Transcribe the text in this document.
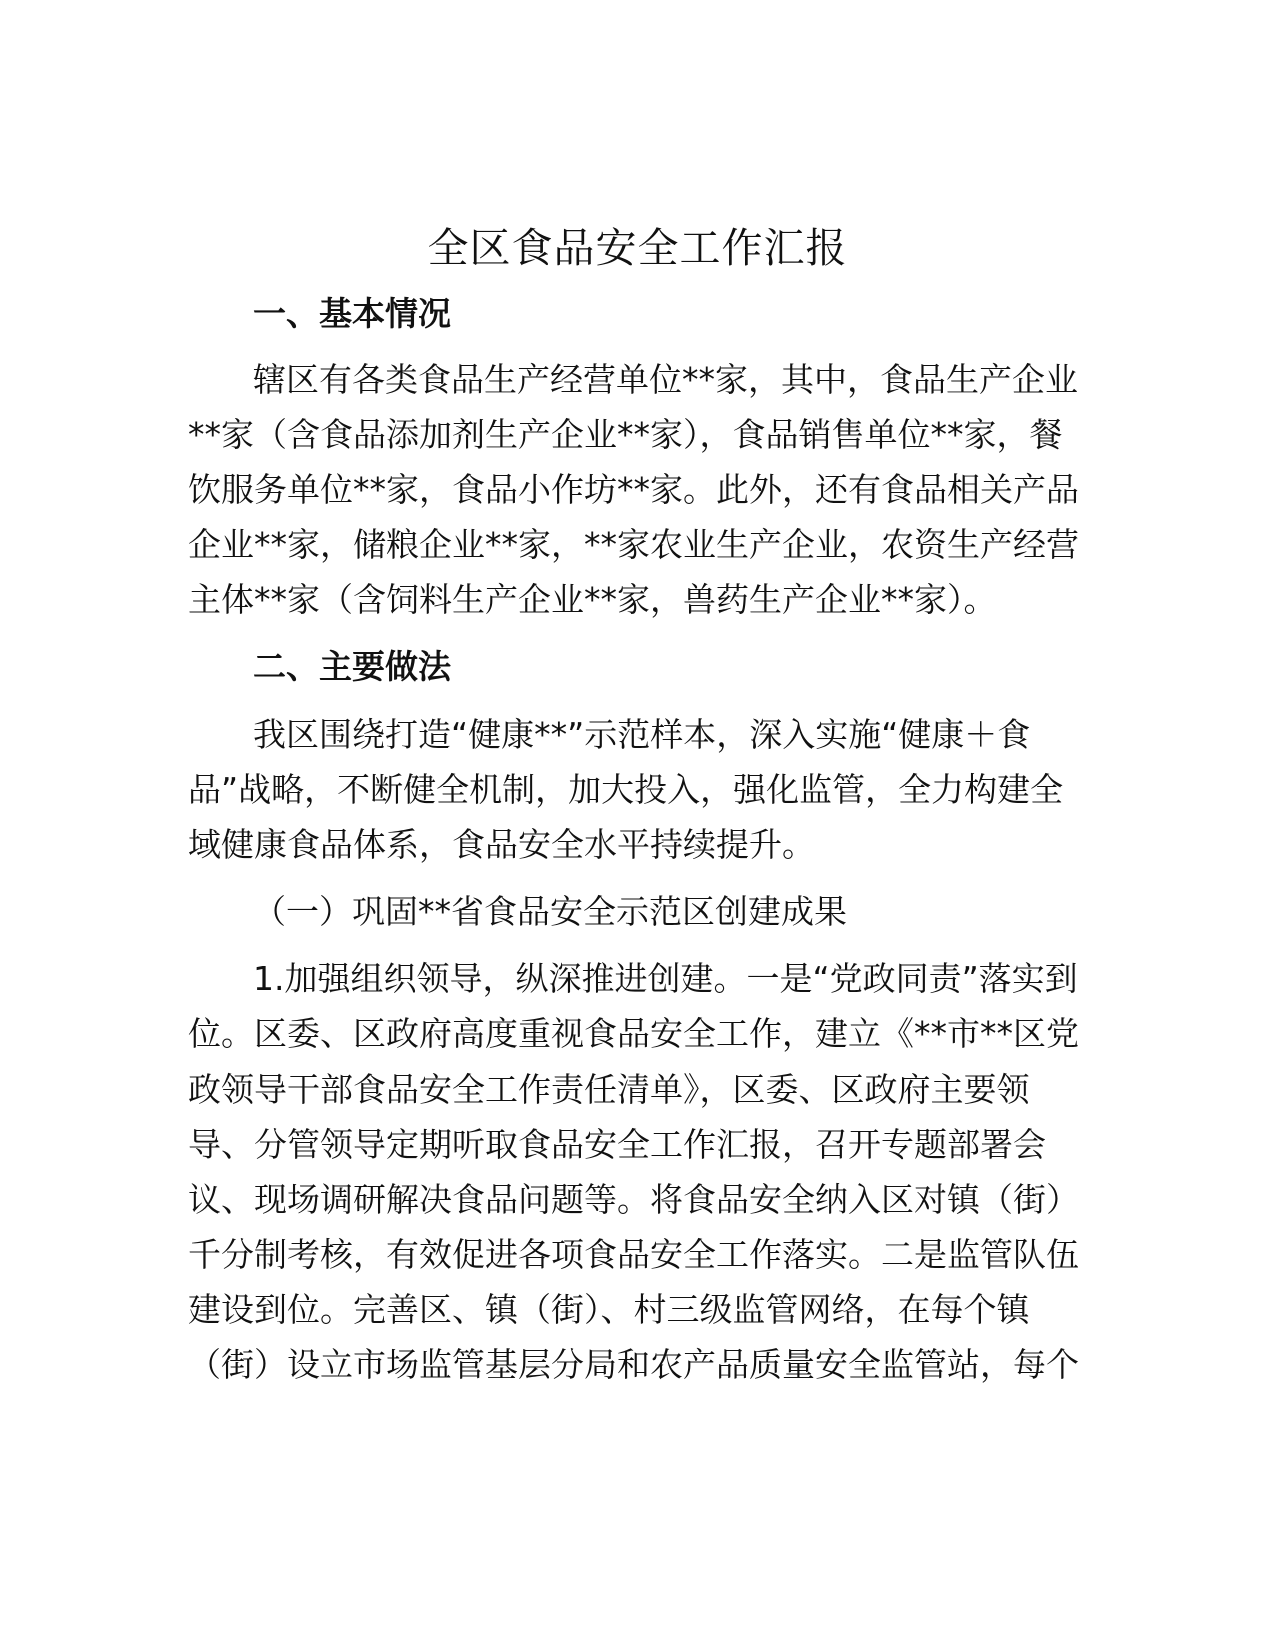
全区食品安全工作汇报
一、基本情况
辖区有各类食品生产经营单位**家，其中，食品生产企业
**家（含食品添加剂生产企业**家），食品销售单位**家，餐
饮服务单位**家，食品小作坊**家。此外，还有食品相关产品
企业**家，储粮企业**家，**家农业生产企业，农资生产经营
主体**家（含饲料生产企业**家，兽药生产企业**家）。
二、主要做法
我区围绕打造“健康**”示范样本，深入实施“健康＋食
品”战略，不断健全机制，加大投入，强化监管，全力构建全
域健康食品体系，食品安全水平持续提升。
（一）巩固**省食品安全示范区创建成果
1.加强组织领导，纵深推进创建。一是“党政同责”落实到
位。区委、区政府高度重视食品安全工作，建立《**市**区党
政领导干部食品安全工作责任清单》，区委、区政府主要领
导、分管领导定期听取食品安全工作汇报，召开专题部署会
议、现场调研解决食品问题等。将食品安全纳入区对镇（街）
千分制考核，有效促进各项食品安全工作落实。二是监管队伍
建设到位。完善区、镇（街）、村三级监管网络，在每个镇
（街）设立市场监管基层分局和农产品质量安全监管站，每个
